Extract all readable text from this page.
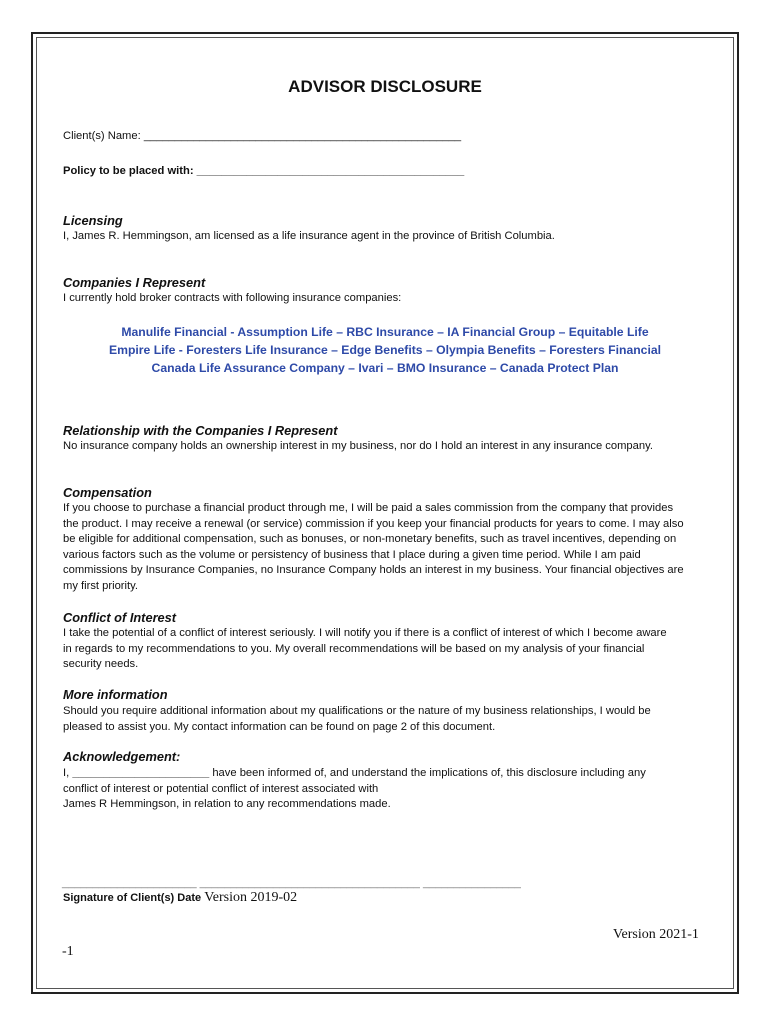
ADVISOR DISCLOSURE
Client(s) Name: ___________________________________________________
Policy to be placed with: ___________________________________________
Licensing
I, James R. Hemmingson, am licensed as a life insurance agent in the province of British Columbia.
Companies I Represent
I currently hold broker contracts with following insurance companies:
Manulife Financial - Assumption Life – RBC Insurance – IA Financial Group – Equitable Life
Empire Life - Foresters Life Insurance – Edge Benefits – Olympia Benefits – Foresters Financial
Canada Life Assurance Company – Ivari – BMO Insurance – Canada Protect Plan
Relationship with the Companies I Represent
No insurance company holds an ownership interest in my business, nor do I hold an interest in any insurance company.
Compensation
If you choose to purchase a financial product through me, I will be paid a sales commission from the company that provides
the product. I may receive a renewal (or service) commission if you keep your financial products for years to come. I may also
be eligible for additional compensation, such as bonuses, or non-monetary benefits, such as travel incentives, depending on
various factors such as the volume or persistency of business that I place during a given time period. While I am paid
commissions by Insurance Companies, no Insurance Company holds an interest in my business. Your financial objectives are
my first priority.
Conflict of Interest
I take the potential of a conflict of interest seriously. I will notify you if there is a conflict of interest of which I become aware
in regards to my recommendations to you. My overall recommendations will be based on my analysis of your financial
security needs.
More information
Should you require additional information about my qualifications or the nature of my business relationships, I would be
pleased to assist you. My contact information can be found on page 2 of this document.
Acknowledgement:
I, ______________________ have been informed of, and understand the implications of, this disclosure including any
conflict of interest or potential conflict of interest associated with
James R Hemmingson, in relation to any recommendations made.
______________________ ____________________________________ ________________
Signature of Client(s) Date Version 2019-02
Version 2021-1
-1
